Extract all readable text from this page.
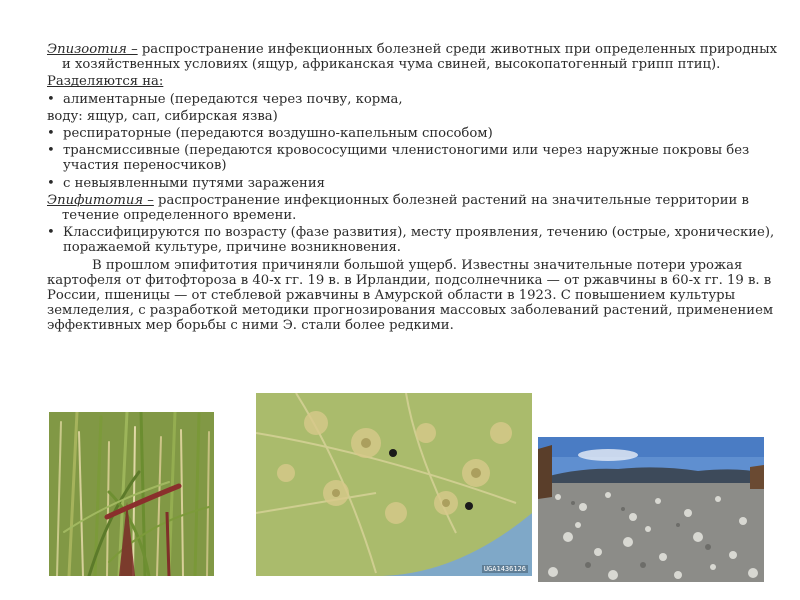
Эпизоотия – распространение инфекционных болезней среди животных при определенных природных и хозяйственных условиях (ящур, африканская чума свиней, высокопатогенный грипп птиц).

Разделяются на:

• алиментарные (передаются через почву, корма,

воду: ящур, сап, сибирская язва)

• респираторные (передаются воздушно-капельным способом)

• трансмиссивные (передаются кровососущими членистоногими или через наружные покровы без участия переносчиков)

• с невыявленными путями заражения

Эпифитотия – распространение инфекционных болезней растений на значительные территории в течение определенного времени.

• Классифицируются по возрасту (фазе развития), месту проявления, течению (острые, хронические), поражаемой культуре, причине возникновения.

В прошлом эпифитотия причиняли большой ущерб. Известны значительные потери урожая картофеля от фитофтороза в 40-х гг. 19 в. в Ирландии, подсолнечника — от ржавчины в 60-х гг. 19 в. в России, пшеницы — от стеблевой ржавчины в Амурской области в 1923. С повышением культуры земледелия, с разработкой методики прогнозирования массовых заболеваний растений, применением эффективных мер борьбы с ними Э. стали более редкими.

UGA1436126
